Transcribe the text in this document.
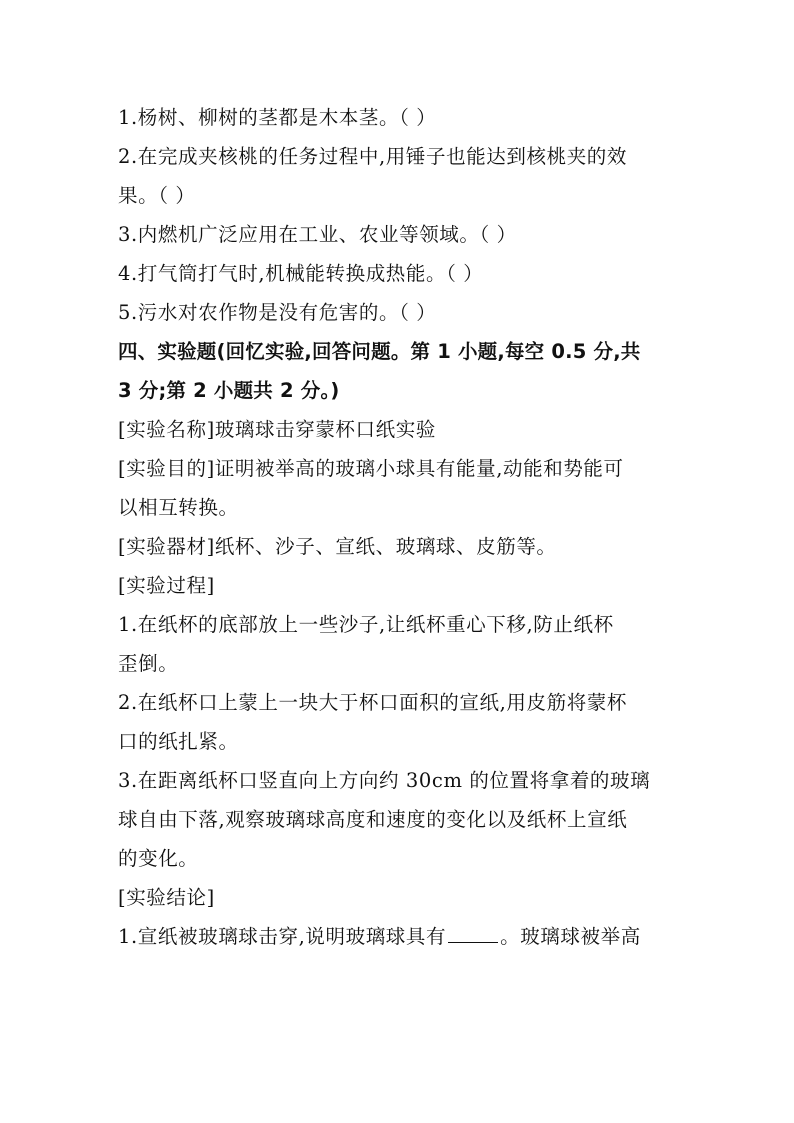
1.杨树、柳树的茎都是木本茎。（ ）
2.在完成夹核桃的任务过程中,用锤子也能达到核桃夹的效
果。（ ）
3.内燃机广泛应用在工业、农业等领域。（ ）
4.打气筒打气时,机械能转换成热能。（ ）
5.污水对农作物是没有危害的。（ ）
四、实验题(回忆实验,回答问题。第 1 小题,每空 0.5 分,共
3 分;第 2 小题共 2 分。)
[实验名称]玻璃球击穿蒙杯口纸实验
[实验目的]证明被举高的玻璃小球具有能量,动能和势能可
以相互转换。
[实验器材]纸杯、沙子、宣纸、玻璃球、皮筋等。
[实验过程]
1.在纸杯的底部放上一些沙子,让纸杯重心下移,防止纸杯
歪倒。
2.在纸杯口上蒙上一块大于杯口面积的宣纸,用皮筋将蒙杯
口的纸扎紧。
3.在距离纸杯口竖直向上方向约 30cm 的位置将拿着的玻璃
球自由下落,观察玻璃球高度和速度的变化以及纸杯上宣纸
的变化。
[实验结论]
1.宣纸被玻璃球击穿,说明玻璃球具有	。玻璃球被举高
